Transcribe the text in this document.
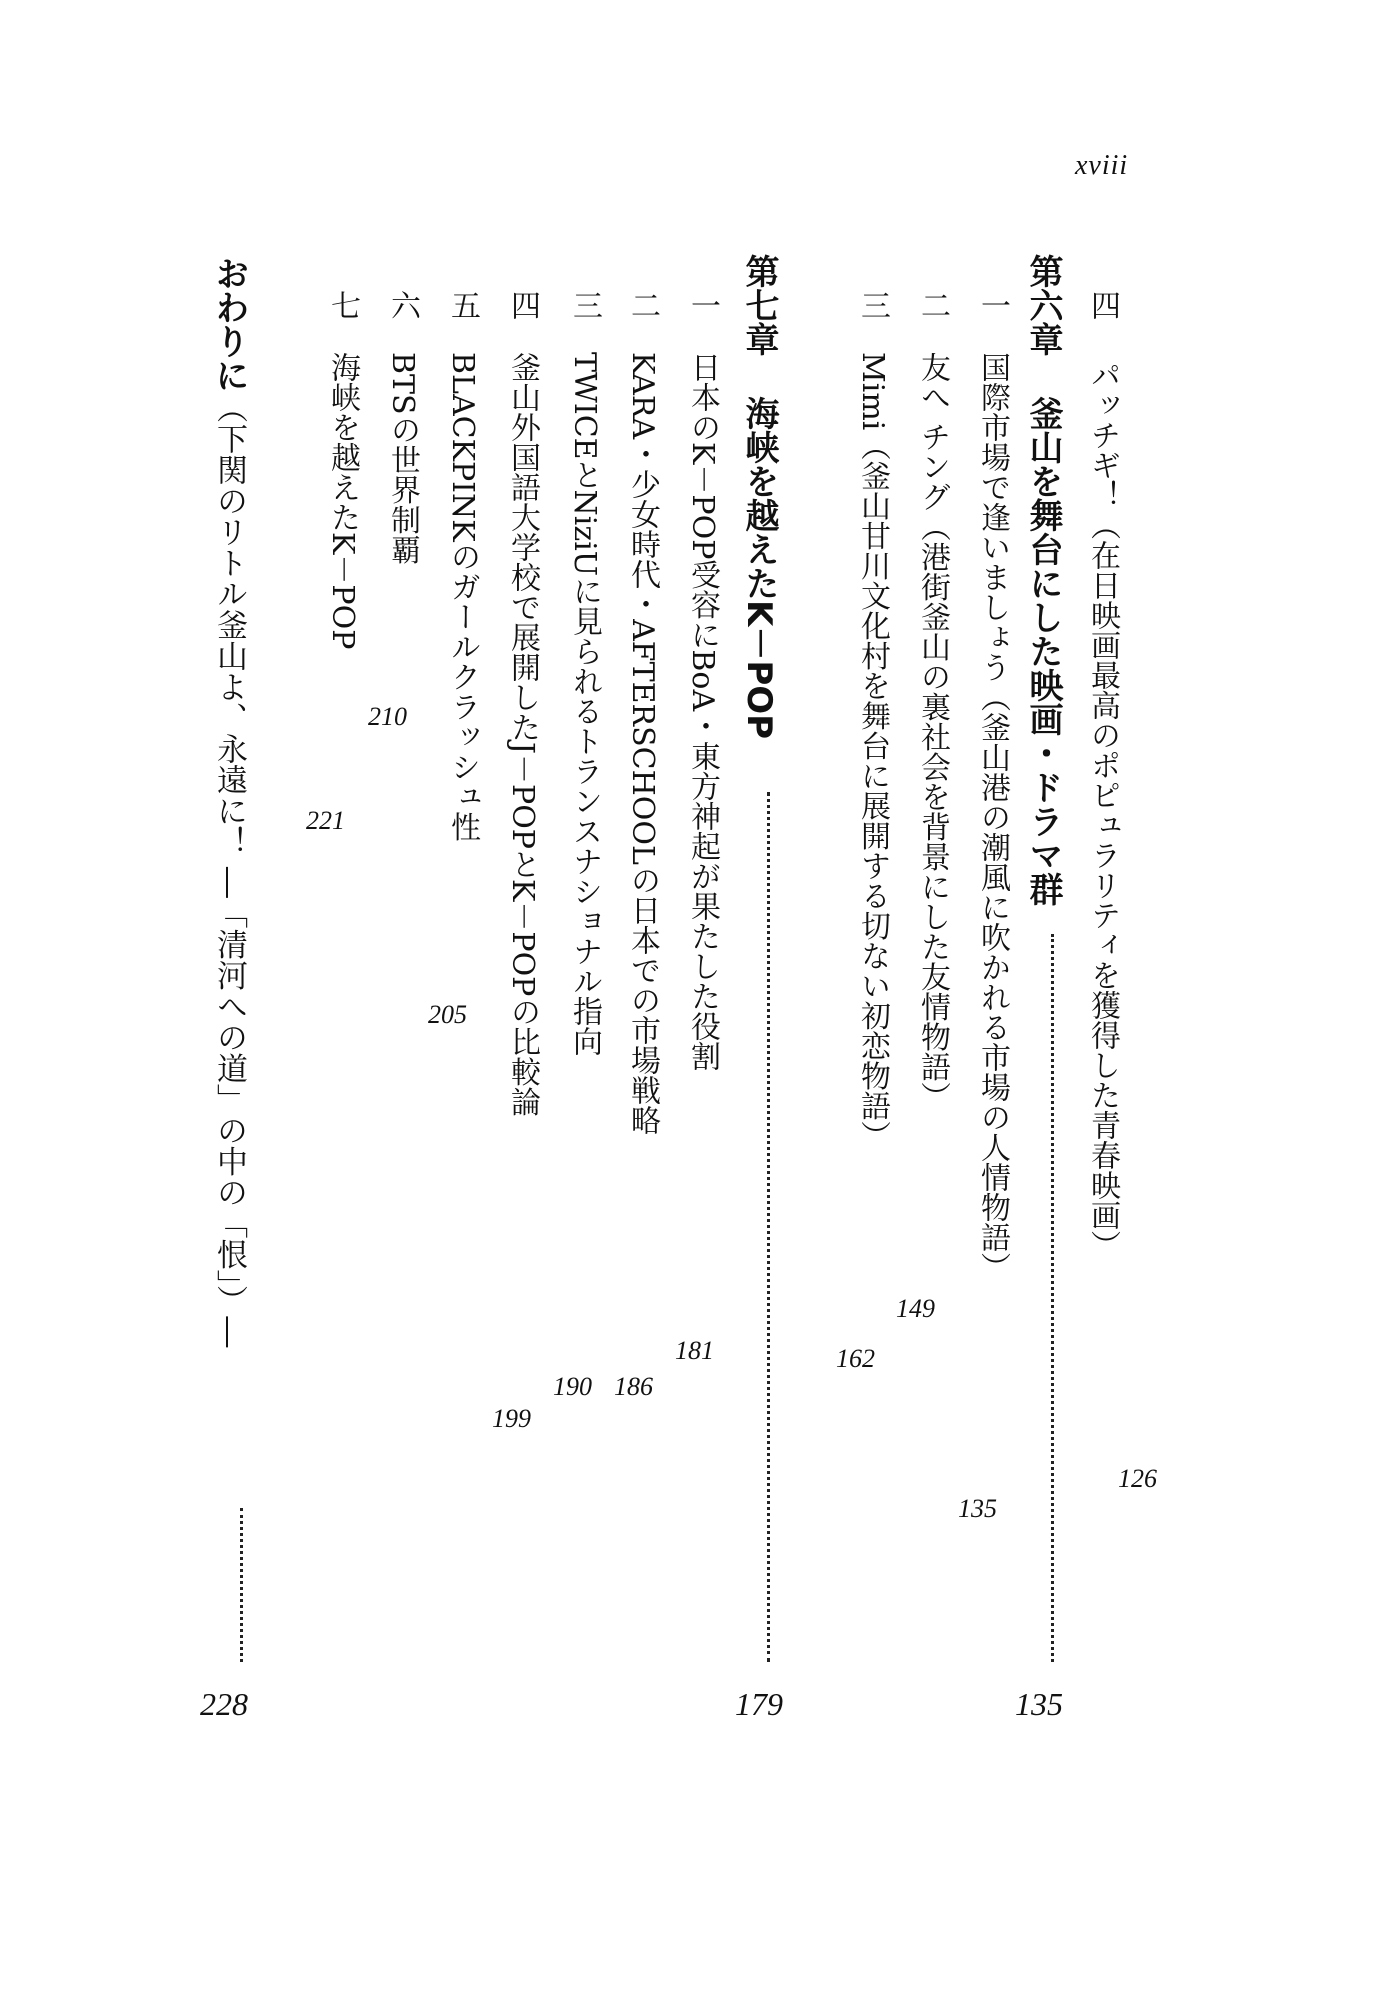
xviii
四パッチギ！（在日映画最高のポピュラリティを獲得した青春映画）
126
第六章釜山を舞台にした映画・ドラマ群
135
一国際市場で逢いましょう（釜山港の潮風に吹かれる市場の人情物語）
135
二友へ チング（港街釜山の裏社会を背景にした友情物語）
149
三Mimi（釜山甘川文化村を舞台に展開する切ない初恋物語）
162
第七章海峡を越えたK－POP
179
一日本のK－POP受容にBoA・東方神起が果たした役割
181
二KARA・少女時代・AFTERSCHOOLの日本での市場戦略
186
三TWICEとNiziUに見られるトランスナショナル指向
190
四釜山外国語大学校で展開したJ－POPとK－POPの比較論
199
五BLACKPINKのガールクラッシュ性
205
六BTSの世界制覇
210
七海峡を越えたK－POP
221
おわりに（下関のリトル釜山よ、永遠に！ ―「清河への道」の中の「恨」）―
228
